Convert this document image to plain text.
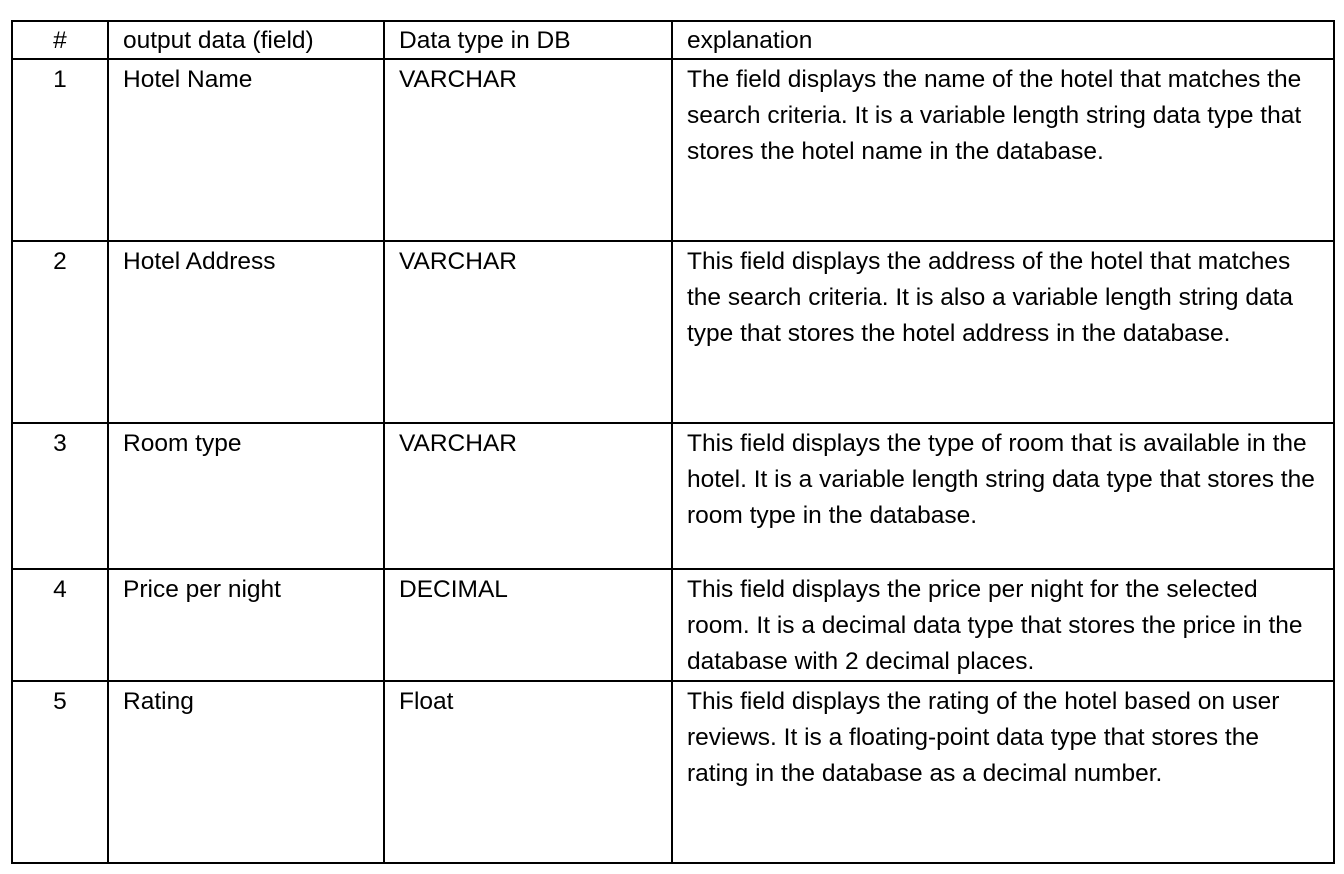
#	output data (field)	Data type in DB	explanation
1	Hotel Name	VARCHAR	The field displays the name of the hotel that matches the search criteria. It is a variable length string data type that stores the hotel name in the database.
2	Hotel Address	VARCHAR	This field displays the address of the hotel that matches the search criteria. It is also a variable length string data type that stores the hotel address in the database.
3	Room type	VARCHAR	This field displays the type of room that is available in the hotel. It is a variable length string data type that stores the room type in the database.
4	Price per night	DECIMAL	This field displays the price per night for the selected room. It is a decimal data type that stores the price in the database with 2 decimal places.
5	Rating	Float	This field displays the rating of the hotel based on user reviews. It is a floating-point data type that stores the rating in the database as a decimal number.
